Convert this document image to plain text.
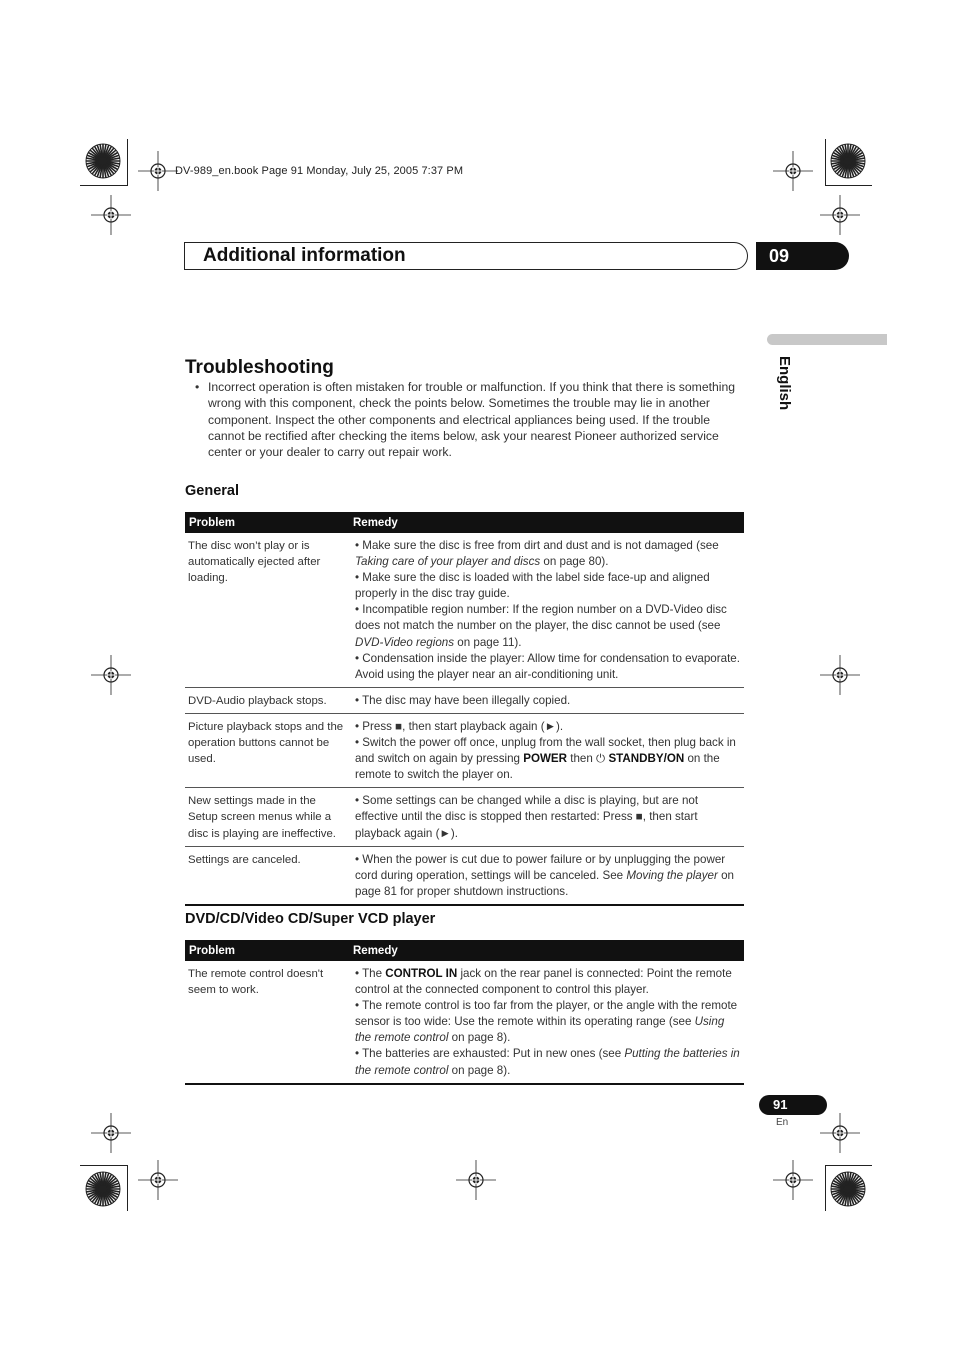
DV-989_en.book Page 91 Monday, July 25, 2005 7:37 PM
Additional information	09
English
Troubleshooting
• Incorrect operation is often mistaken for trouble or malfunction. If you think that there is something wrong with this component, check the points below. Sometimes the trouble may lie in another component. Inspect the other components and electrical appliances being used. If the trouble cannot be rectified after checking the items below, ask your nearest Pioneer authorized service center or your dealer to carry out repair work.
General
Problem	Remedy
The disc won’t play or is automatically ejected after loading.	• Make sure the disc is free from dirt and dust and is not damaged (see Taking care of your player and discs on page 80).
• Make sure the disc is loaded with the label side face-up and aligned properly in the disc tray guide.
• Incompatible region number: If the region number on a DVD-Video disc does not match the number on the player, the disc cannot be used (see DVD-Video regions on page 11).
• Condensation inside the player: Allow time for condensation to evaporate. Avoid using the player near an air-conditioning unit.

DVD-Audio playback stops.	• The disc may have been illegally copied.

Picture playback stops and the operation buttons cannot be used.	• Press ■, then start playback again (►).
• Switch the power off once, unplug from the wall socket, then plug back in and switch on again by pressing POWER then ⏻ STANDBY/ON on the remote to switch the player on.

New settings made in the Setup screen menus while a disc is playing are ineffective.	• Some settings can be changed while a disc is playing, but are not effective until the disc is stopped then restarted: Press ■, then start playback again (►).

Settings are canceled.	• When the power is cut due to power failure or by unplugging the power cord during operation, settings will be canceled. See Moving the player on page 81 for proper shutdown instructions.
DVD/CD/Video CD/Super VCD player
Problem	Remedy
The remote control doesn't seem to work.	• The CONTROL IN jack on the rear panel is connected: Point the remote control at the connected component to control this player.
• The remote control is too far from the player, or the angle with the remote sensor is too wide: Use the remote within its operating range (see Using the remote control on page 8).
• The batteries are exhausted: Put in new ones (see Putting the batteries in the remote control on page 8).
91
En
